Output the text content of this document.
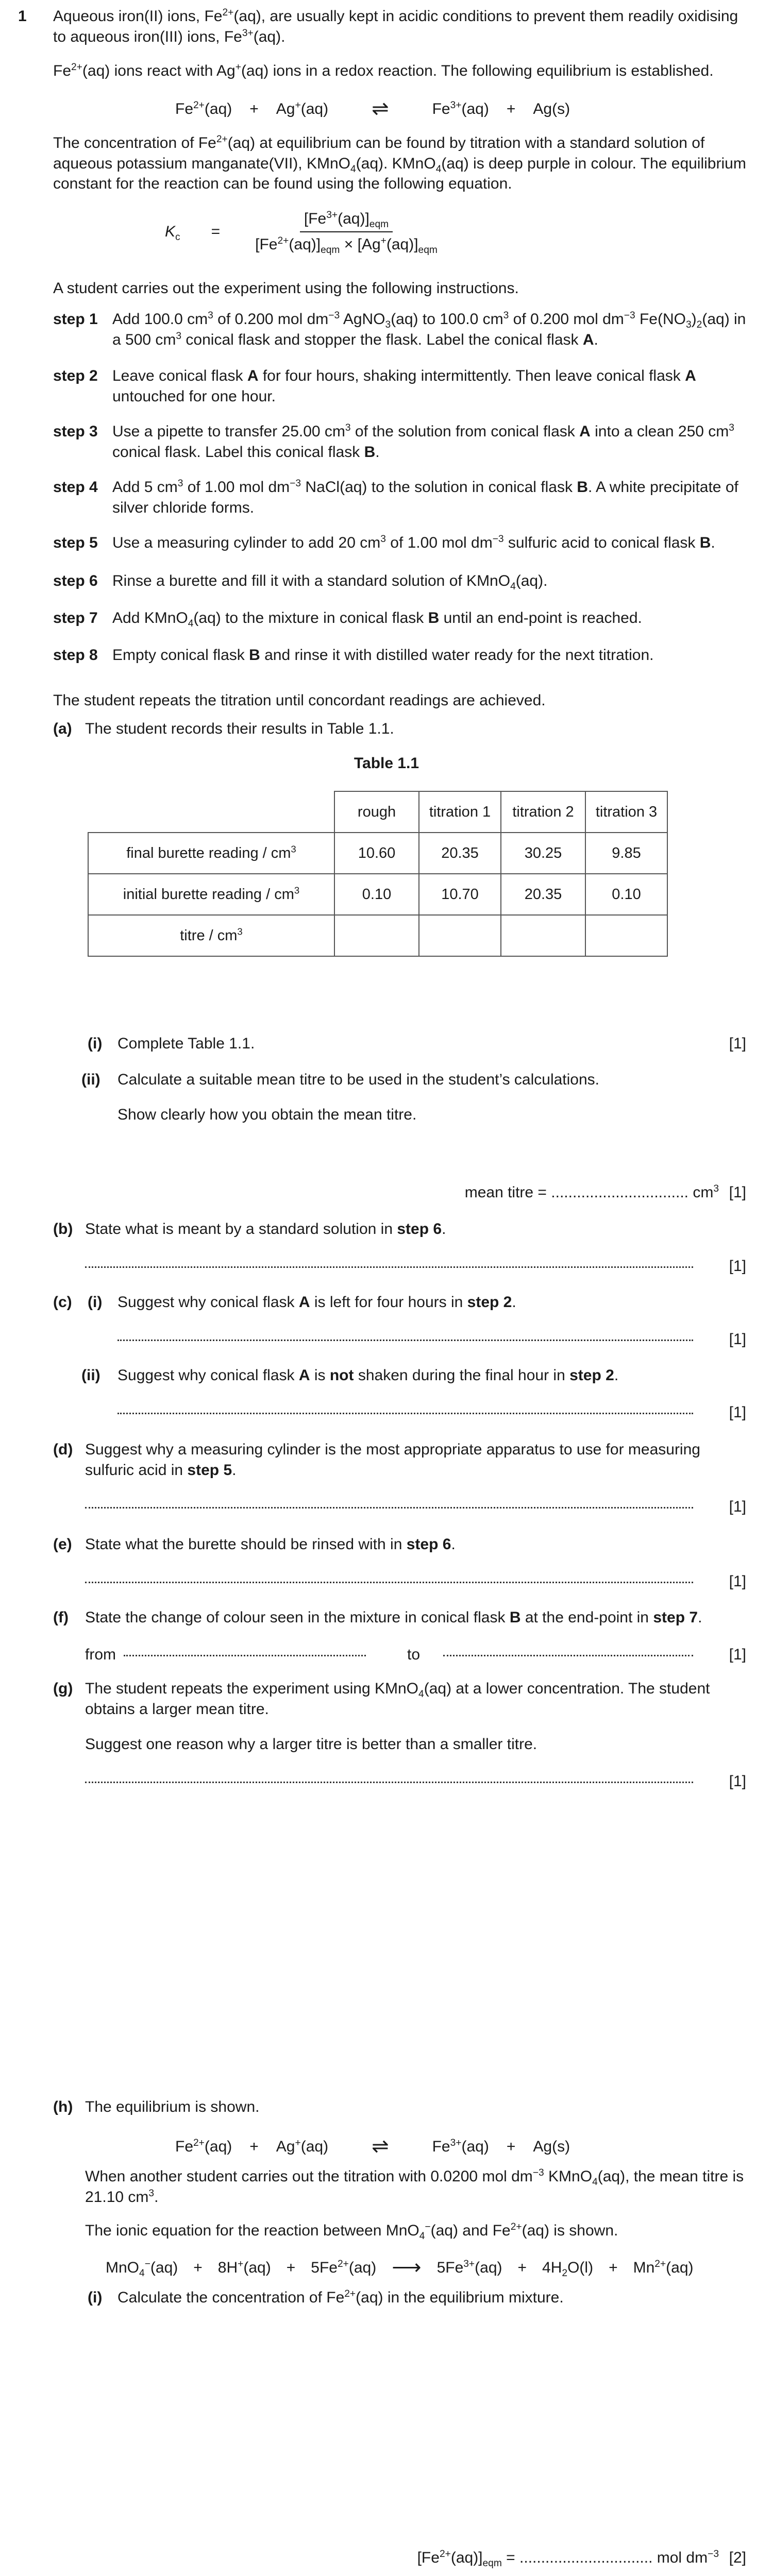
1 Aqueous iron(II) ions, $Fe^{2+}(aq)$, are usually kept in acidic conditions to prevent them readily oxidising to aqueous iron(III) ions, $Fe^{3+}(aq)$.
$Fe^{2+}(aq)$ ions react with Ag+(aq) ions in a redox reaction. The following equilibrium is established.
$Fe^{2+}(aq) + Ag^+(aq)$ ⇌	$Fe^{3+}(aq) + Ag(s)$
The concentration of $Fe^{2+}(aq)$ at equilibrium can be found by titration with a standard solution of aqueous potassium manganate(VII), KMnO$_4$(aq). KMnO$_4$(aq) is deep purple in colour. The equilibrium constant for the reaction can be found using the following equation.
$K_c = \frac{[Fe^{3+}(aq)]_{eqm}}{[Fe^{2+}(aq)]_{eqm} \times [Ag^+(aq)]_{eqm}}$
A student carries out the experiment using the following instructions.
step 1 Add 100.0 $cm^3$ of 0.200 mol $dm^{-3}$ AgNO$_3$(aq) to 100.0 $cm^3$ of 0.200 mol $dm^{-3}$ $Fe(NO_3)_2(aq)$ in a 500 $cm^3$ conical flask and stopper the flask. Label the conical flask A.
step 2 Leave conical flask A for four hours, shaking intermittently. Then leave conical flask A untouched for one hour.
step 3 Use a pipette to transfer 25.00 $cm^3$ of the solution from conical flask A into a clean 250 $cm^3$ conical flask. Label this conical flask B.
step 4 Add 5 $cm^3$ of 1.00 mol $dm^{-3}$ NaCl(aq) to the solution in conical flask B. A white precipitate of silver chloride forms.
step 5 Use a measuring cylinder to add 20 $cm^3$ of 1.00 mol $dm^{-3}$ sulfuric acid to conical flask B.
step 6 Rinse a burette and fill it with a standard solution of KMnO$_4$(aq).
step 7 Add KMnO$_4$(aq) to the mixture in conical flask B until an end-point is reached.
step 8 Empty conical flask B and rinse it with distilled water ready for the next titration.
The student repeats the titration until concordant readings are achieved.
(a) The student records their results in Table 1.1.
Table 1.1
	rough	titration 1	titration 2	titration 3
final burette reading / $cm^3$	10.60	20.35	30.25	9.85
initial burette reading / $cm^3$	0.10	10.70	20.35	0.10
titre / $cm^3$				
(i) Complete Table 1.1.	[1]
(ii) Calculate a suitable mean titre to be used in the student’s calculations.
Show clearly how you obtain the mean titre.
mean titre = ................................ $cm^3$ [1]
(b) State what is meant by a standard solution in step 6.
[1]
(c) (i) Suggest why conical flask A is left for four hours in step 2.
[1]
(ii) Suggest why conical flask A is not shaken during the final hour in step 2.
[1]
(d) Suggest why a measuring cylinder is the most appropriate apparatus to use for measuring sulfuric acid in step 5.
[1]
(e) State what the burette should be rinsed with in step 6.
[1]
(f) State the change of colour seen in the mixture in conical flask B at the end-point in step 7.
from	to	[1]
(g) The student repeats the experiment using KMnO$_4$(aq) at a lower concentration. The student obtains a larger mean titre.
Suggest one reason why a larger titre is better than a smaller titre.
[1]
(h) The equilibrium is shown.
$Fe^{2+}(aq) + Ag^+(aq)$ ⇌	$Fe^{3+}(aq) + Ag(s)$
When another student carries out the titration with 0.0200 mol $dm^{-3}$ KMnO$_4$(aq), the mean titre is 21.10 $cm^3$.
The ionic equation for the reaction between MnO$_4$−(aq) and $Fe^{2+}(aq)$ is shown.
$MnO_4^-(aq) + 8H^+(aq) + 5Fe^{2+}(aq)$ ⟶ $5Fe^{3+}(aq) + 4H_2O(l) + Mn^{2+}(aq)$
(i) Calculate the concentration of $Fe^{2+}(aq)$ in the equilibrium mixture.
$[Fe^{2+}(aq)]_{eqm}$ = ............................... mol $dm^{-3}$ [2]
